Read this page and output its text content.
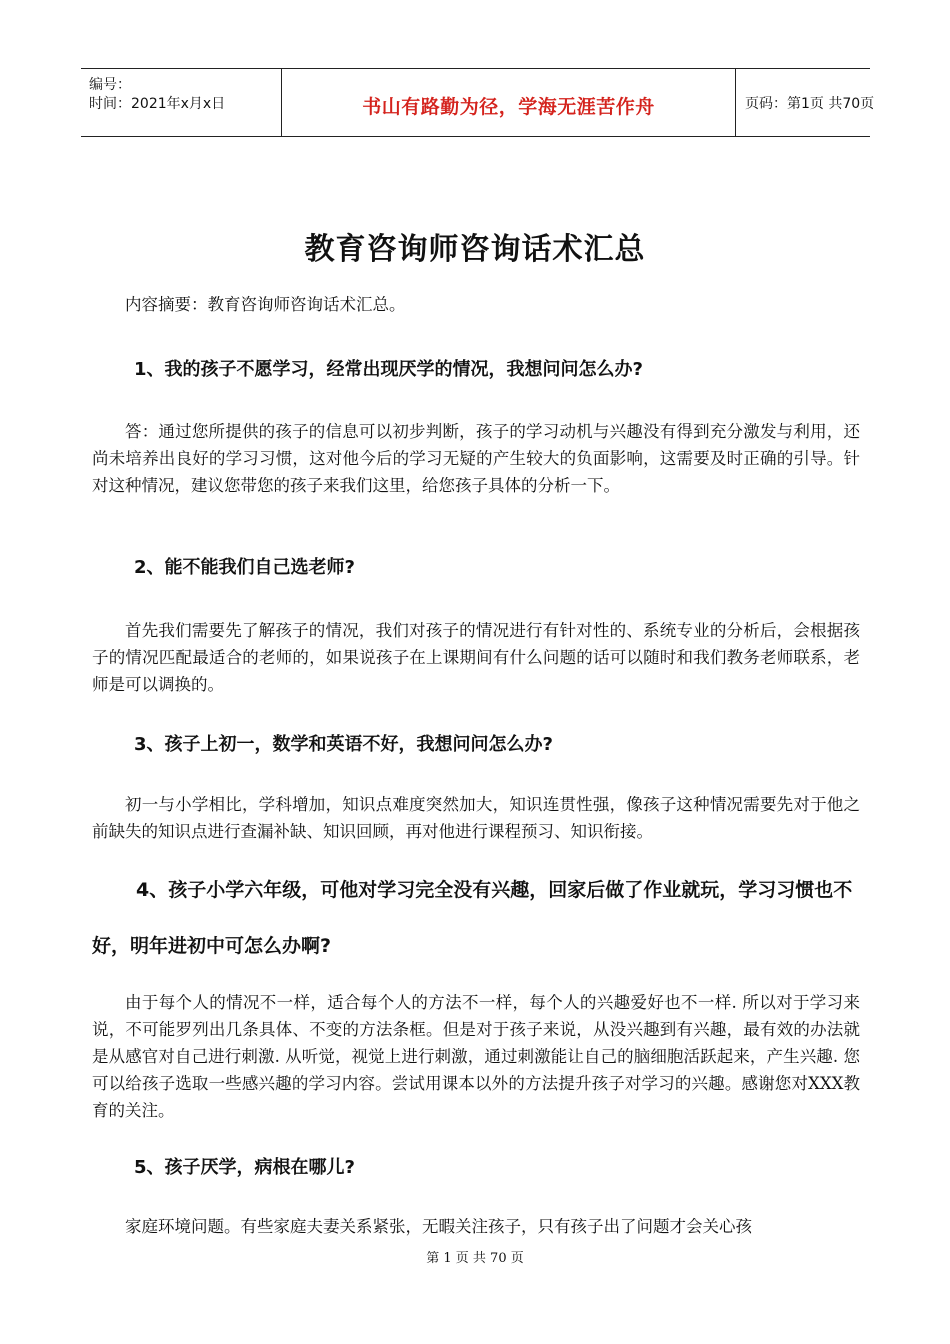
编号：
时间：2021年x月x日	书山有路勤为径，学海无涯苦作舟	页码：第1页 共70页
教育咨询师咨询话术汇总
内容摘要：教育咨询师咨询话术汇总。
1、我的孩子不愿学习，经常出现厌学的情况，我想问问怎么办?
答：通过您所提供的孩子的信息可以初步判断，孩子的学习动机与兴趣没有得到充分激发与利用，还尚未培养出良好的学习习惯，这对他今后的学习无疑的产生较大的负面影响，这需要及时正确的引导。针对这种情况，建议您带您的孩子来我们这里，给您孩子具体的分析一下。
2、能不能我们自己选老师?
首先我们需要先了解孩子的情况，我们对孩子的情况进行有针对性的、系统专业的分析后，会根据孩子的情况匹配最适合的老师的，如果说孩子在上课期间有什么问题的话可以随时和我们教务老师联系，老师是可以调换的。
3、孩子上初一，数学和英语不好，我想问问怎么办?
初一与小学相比，学科增加，知识点难度突然加大，知识连贯性强，像孩子这种情况需要先对于他之前缺失的知识点进行查漏补缺、知识回顾，再对他进行课程预习、知识衔接。
4、孩子小学六年级，可他对学习完全没有兴趣，回家后做了作业就玩，学习习惯也不好，明年进初中可怎么办啊?
由于每个人的情况不一样，适合每个人的方法不一样，每个人的兴趣爱好也不一样. 所以对于学习来说，不可能罗列出几条具体、不变的方法条框。但是对于孩子来说，从没兴趣到有兴趣，最有效的办法就是从感官对自己进行刺激. 从听觉，视觉上进行刺激，通过刺激能让自己的脑细胞活跃起来，产生兴趣. 您可以给孩子选取一些感兴趣的学习内容。尝试用课本以外的方法提升孩子对学习的兴趣。感谢您对XXX教育的关注。
5、孩子厌学，病根在哪儿?
家庭环境问题。有些家庭夫妻关系紧张，无暇关注孩子，只有孩子出了问题才会关心孩
第 1 页 共 70 页
